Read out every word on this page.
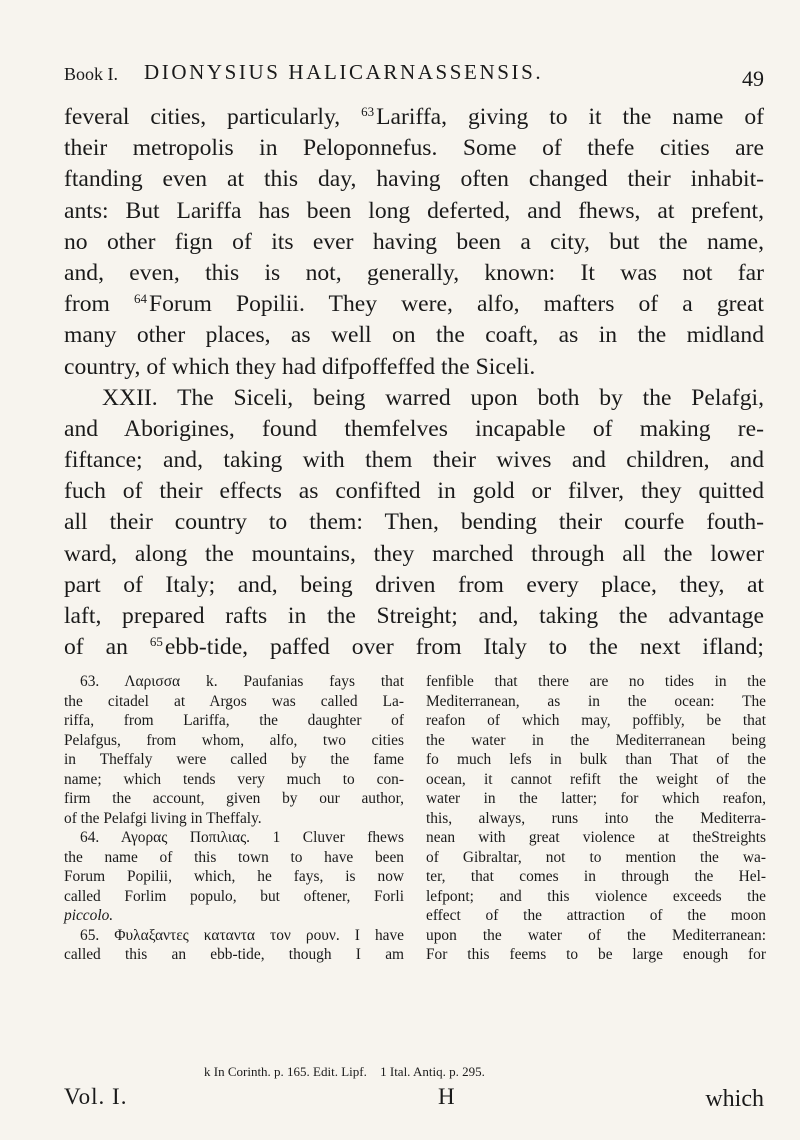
Book I. DIONYSIUS HALICARNASSENSIS.	49
feveral cities, particularly, $^{63}$Lariffa, giving to it the name of
their metropolis in Peloponnefus. Some of thefe cities are
ftanding even at this day, having often changed their inhabit-
ants: But Lariffa has been long deferted, and fhews, at prefent,
no other fign of its ever having been a city, but the name,
and, even, this is not, generally, known: It was not far
from $^{64}$Forum Popilii. They were, alfo, mafters of a great
many other places, as well on the coaft, as in the midland
country, of which they had difpoffeffed the Siceli.
XXII. The Siceli, being warred upon both by the Pelafgi,
and Aborigines, found themfelves incapable of making re-
fiftance; and, taking with them their wives and children, and
fuch of their effects as confifted in gold or filver, they quitted
all their country to them: Then, bending their courfe fouth-
ward, along the mountains, they marched through all the lower
part of Italy; and, being driven from every place, they, at
laft, prepared rafts in the Streight; and, taking the advantage
of an $^{65}$ebb-tide, paffed over from Italy to the next ifland;
63. Λαρισσα k. Paufanias fays that
the citadel at Argos was called La-
riffa, from Lariffa, the daughter of
Pelafgus, from whom, alfo, two cities
in Theffaly were called by the fame
name; which tends very much to con-
firm the account, given by our author,
of the Pelafgi living in Theffaly.
64. Αγορας Ποπιλιας. 1 Cluver fhews
the name of this town to have been
Forum Popilii, which, he fays, is now
called Forlim populo, but oftener, Forli
piccolo.
65. Φυλαξαντες καταντα τον ρουν. I have
called this an ebb-tide, though I am
fenfible that there are no tides in the
Mediterranean, as in the ocean: The
reafon of which may, poffibly, be that
the water in the Mediterranean being
fo much lefs in bulk than That of the
ocean, it cannot refift the weight of the
water in the latter; for which reafon,
this, always, runs into the Mediterra-
nean with great violence at theStreights
of Gibraltar, not to mention the wa-
ter, that comes in through the Hel-
lefpont; and this violence exceeds the
effect of the attraction of the moon
upon the water of the Mediterranean:
For this feems to be large enough for
k In Corinth. p. 165. Edit. Lipf. 1 Ital. Antiq. p. 295.
Vol. I.	H	which
